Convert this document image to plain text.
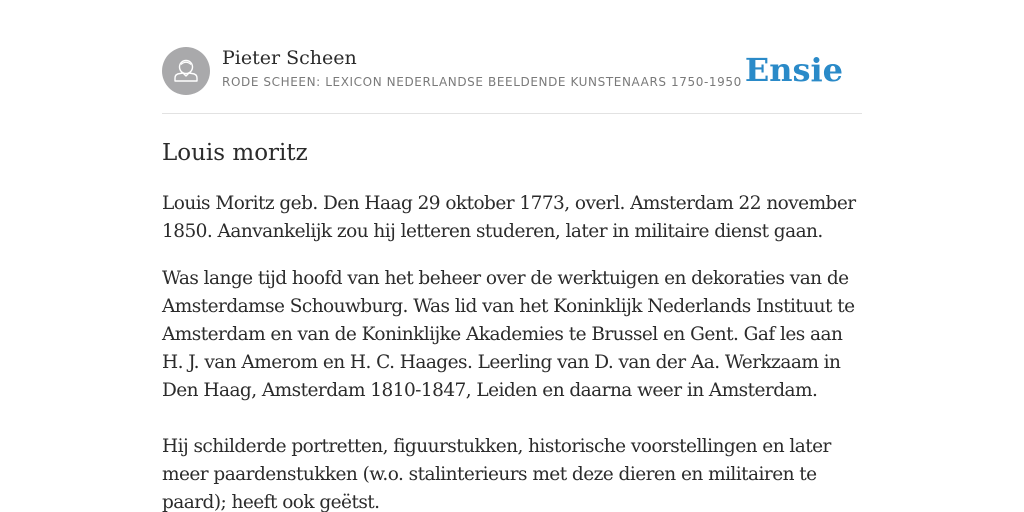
Pieter Scheen
RODE SCHEEN: LEXICON NEDERLANDSE BEELDENDE KUNSTENAARS 1750-1950 Ensie
Louis moritz

Louis Moritz geb. Den Haag 29 oktober 1773, overl. Amsterdam 22 november 1850. Aanvankelijk zou hij letteren studeren, later in militaire dienst gaan.

Was lange tijd hoofd van het beheer over de werktuigen en dekoraties van de Amsterdamse Schouwburg. Was lid van het Koninklijk Nederlands Instituut te Amsterdam en van de Koninklijke Akademies te Brussel en Gent. Gaf les aan H. J. van Amerom en H. C. Haages. Leerling van D. van der Aa. Werkzaam in Den Haag, Amsterdam 1810-1847, Leiden en daarna weer in Amsterdam.

Hij schilderde portretten, figuurstukken, historische voorstellingen en later meer paardenstukken (w.o. stalinterieurs met deze dieren en militairen te paard); heeft ook geëtst.
